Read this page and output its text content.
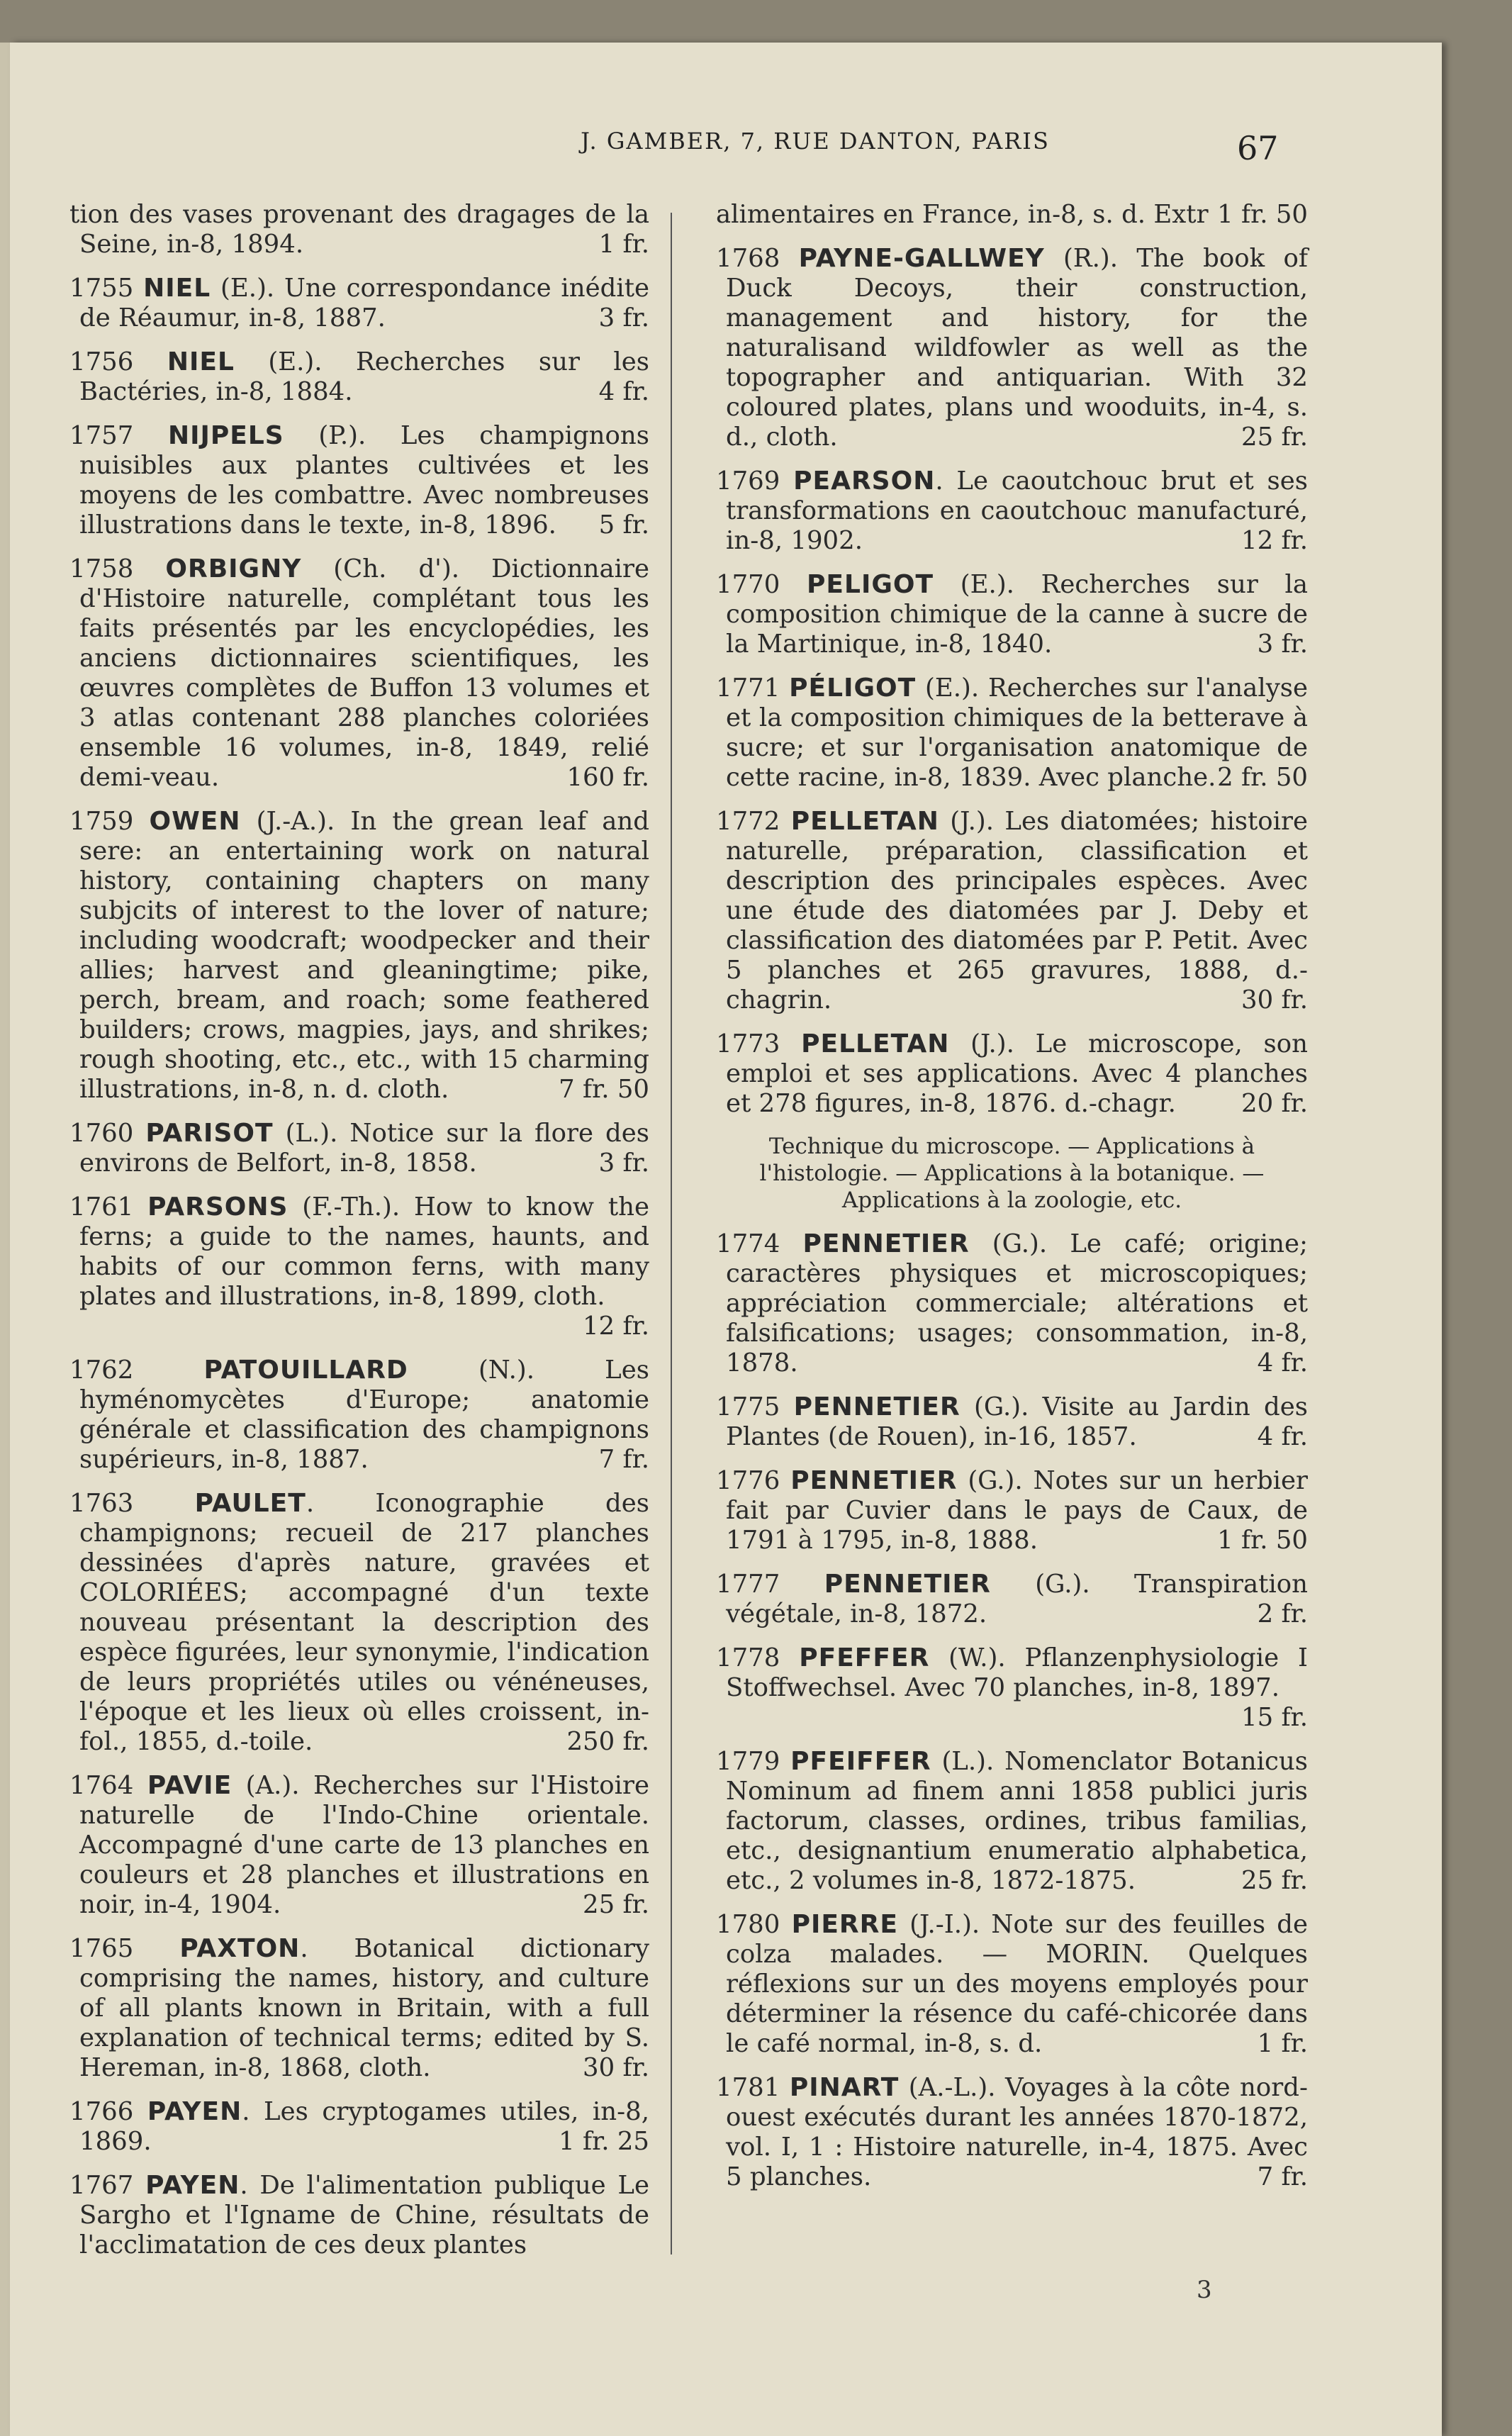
J. GAMBER, 7, RUE DANTON, PARIS	67
tion des vases provenant des dragages de la Seine, in-8, 1894.	1 fr.
1755 NIEL (E.). Une correspondance inédite de Réaumur, in-8, 1887.	3 fr.
1756 NIEL (E.). Recherches sur les Bactéries, in-8, 1884.	4 fr.
1757 NIJPELS (P.). Les champignons nuisibles aux plantes cultivées et les moyens de les combattre. Avec nombreuses illustrations dans le texte, in-8, 1896. 5 fr.
1758 ORBIGNY (Ch. d'). Dictionnaire d'Histoire naturelle, complétant tous les faits présentés par les encyclopédies, les anciens dictionnaires scientifiques, les œuvres complètes de Buffon 13 volumes et 3 atlas contenant 288 planches coloriées ensemble 16 volumes, in-8, 1849, relié demi-veau.	160 fr.
1759 OWEN (J.-A.). In the grean leaf and sere: an entertaining work on natural history, containing chapters on many subjcits of interest to the lover of nature; including woodcraft; woodpecker and their allies; harvest and gleaningtime; pike, perch, bream, and roach; some feathered builders; crows, magpies, jays, and shrikes; rough shooting, etc., etc., with 15 charming illustrations, in-8, n. d. cloth.	7 fr. 50
1760 PARISOT (L.). Notice sur la flore des environs de Belfort, in-8, 1858.	3 fr.
1761 PARSONS (F.-Th.). How to know the ferns; a guide to the names, haunts, and habits of our common ferns, with many plates and illustrations, in-8, 1899, cloth.
12 fr.
1762	PATOUILLARD	(N.). Les hyménomycètes d'Europe; anatomie générale et classification des champignons supérieurs, in-8, 1887.	7 fr.
1763 PAULET. Iconographie des champignons; recueil de 217 planches dessinées d'après nature, gravées et COLORIÉES; accompagné d'un texte nouveau présentant la description des espèce figurées, leur synonymie, l'indication de leurs propriétés utiles ou vénéneuses, l'époque et les lieux où elles croissent, in-fol., 1855, d.-toile.	250 fr.
1764 PAVIE (A.). Recherches sur l'Histoire naturelle de l'Indo-Chine orientale. Accompagné d'une carte de 13 planches en couleurs et 28 planches et illustrations en noir, in-4, 1904.	25 fr.
1765 PAXTON. Botanical dictionary comprising the names, history, and culture of all plants known in Britain, with a full explanation of technical terms; edited by S. Hereman, in-8, 1868, cloth.	30 fr.
1766 PAYEN. Les cryptogames utiles, in-8, 1869.	1 fr. 25
1767 PAYEN. De l'alimentation publique Le Sargho et l'Igname de Chine, résultats de l'acclimatation de ces deux plantes
alimentaires en France, in-8, s. d. Extr 1 fr. 50
1768 PAYNE-GALLWEY (R.). The book of Duck Decoys, their construction, management and history, for the naturalisand wildfowler as well as the topographer and antiquarian. With 32 coloured plates, plans und wooduits, in-4, s. d., cloth.	25 fr.
1769 PEARSON. Le caoutchouc brut et ses transformations en caoutchouc manufacturé, in-8, 1902.	12 fr.
1770 PELIGOT (E.). Recherches sur la composition chimique de la canne à sucre de la Martinique, in-8, 1840.	3 fr.
1771 PÉLIGOT (E.). Recherches sur l'analyse et la composition chimiques de la betterave à sucre; et sur l'organisation anatomique de cette racine, in-8, 1839. Avec planche. 2 fr. 50
1772 PELLETAN (J.). Les diatomées; histoire naturelle, préparation, classification et description des principales espèces. Avec une étude des diatomées par J. Deby et classification des diatomées par P. Petit. Avec 5 planches et 265 gravures, 1888, d.-chagrin.	30 fr.
1773 PELLETAN (J.). Le microscope, son emploi et ses applications. Avec 4 planches et 278 figures, in-8, 1876. d.-chagr.	20 fr.
Technique du microscope. — Applications à l'histologie. — Applications à la botanique. — Applications à la zoologie, etc.
1774 PENNETIER (G.). Le café; origine; caractères physiques et microscopiques; appréciation commerciale; altérations et falsifications; usages; consommation, in-8, 1878.	4 fr.
1775 PENNETIER (G.). Visite au Jardin des Plantes (de Rouen), in-16, 1857.	4 fr.
1776 PENNETIER (G.). Notes sur un herbier fait par Cuvier dans le pays de Caux, de 1791 à 1795, in-8, 1888.	1 fr. 50
1777 PENNETIER (G.). Transpiration végétale, in-8, 1872.	2 fr.
1778 PFEFFER (W.). Pflanzenphysiologie I Stoffwechsel. Avec 70 planches, in-8, 1897.
15 fr.
1779 PFEIFFER (L.). Nomenclator Botanicus Nominum ad finem anni 1858 publici juris factorum, classes, ordines, tribus familias, etc., designantium enumeratio alphabetica, etc., 2 volumes in-8, 1872-1875.	25 fr.
1780 PIERRE (J.-I.). Note sur des feuilles de colza malades. — MORIN. Quelques réflexions sur un des moyens employés pour déterminer la résence du café-chicorée dans le café normal, in-8, s. d.	1 fr.
1781 PINART (A.-L.). Voyages à la côte nord-ouest exécutés durant les années 1870-1872, vol. I, 1 : Histoire naturelle, in-4, 1875. Avec 5 planches.	7 fr.
3
